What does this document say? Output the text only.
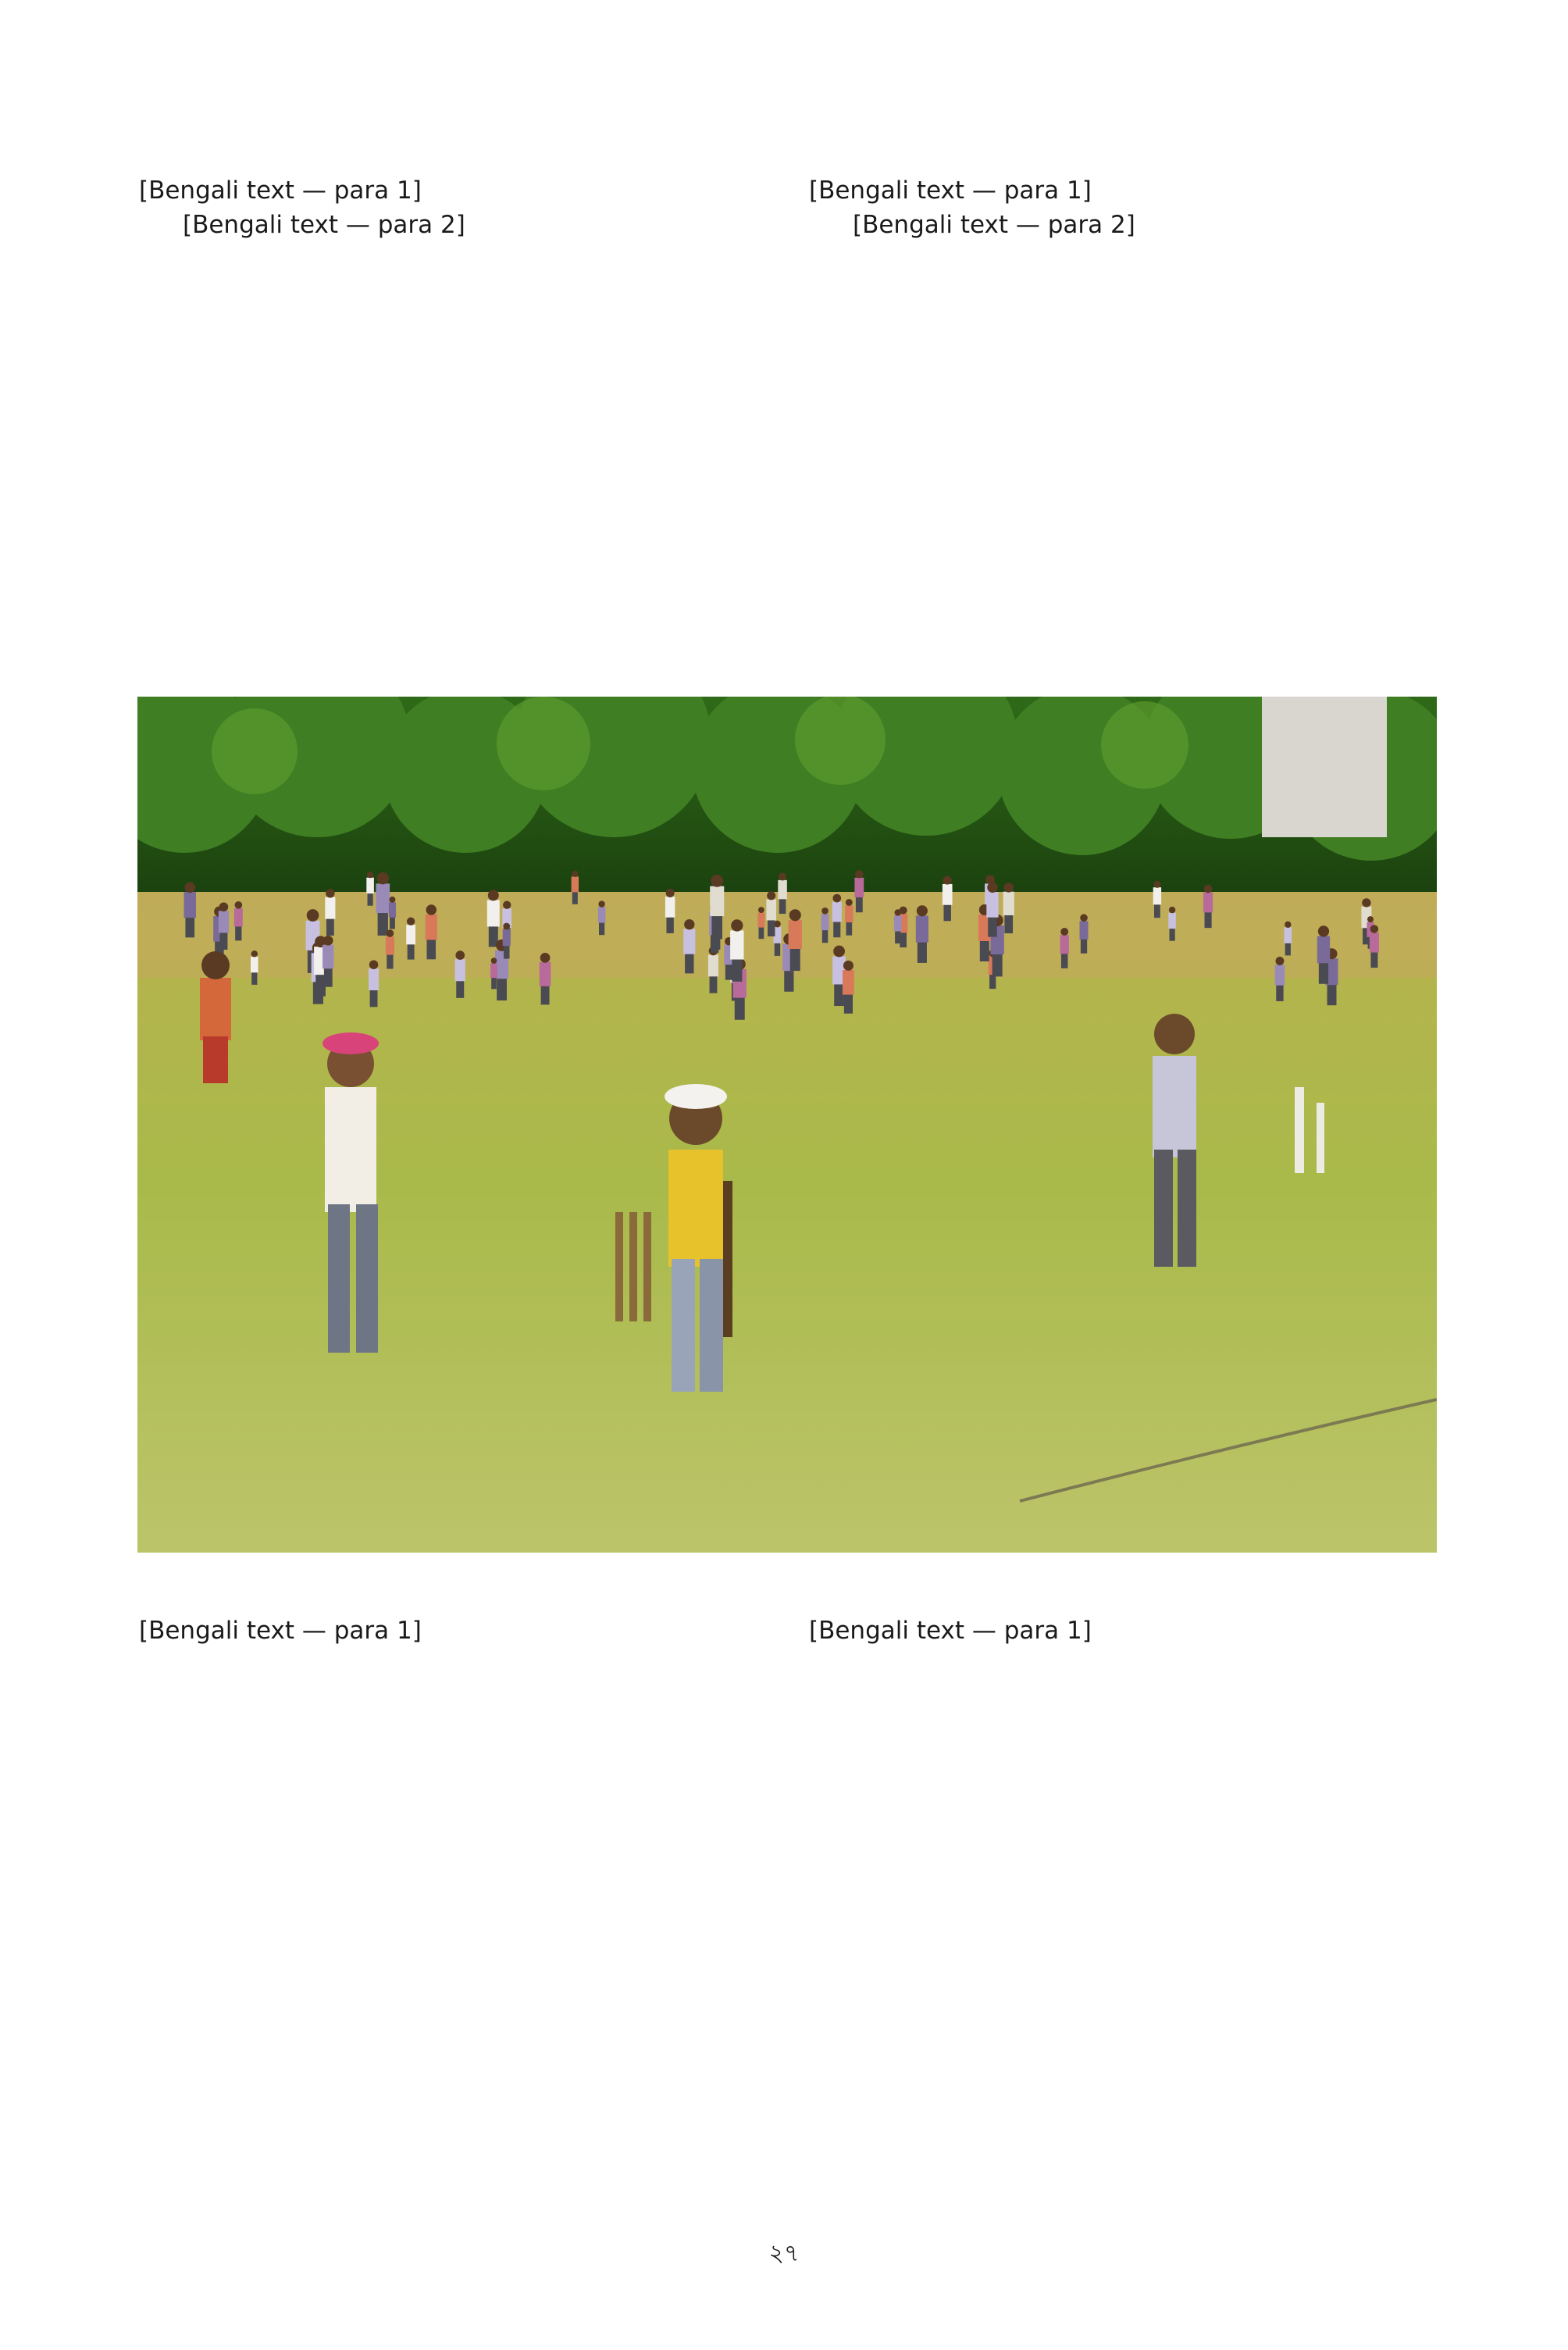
[Bengali text — para 1]

[Bengali text — para 2]

[Bengali text — para 1]

[Bengali text — para 2]

[Bengali text — para 1]	[Bengali text — para 1]

২৭
